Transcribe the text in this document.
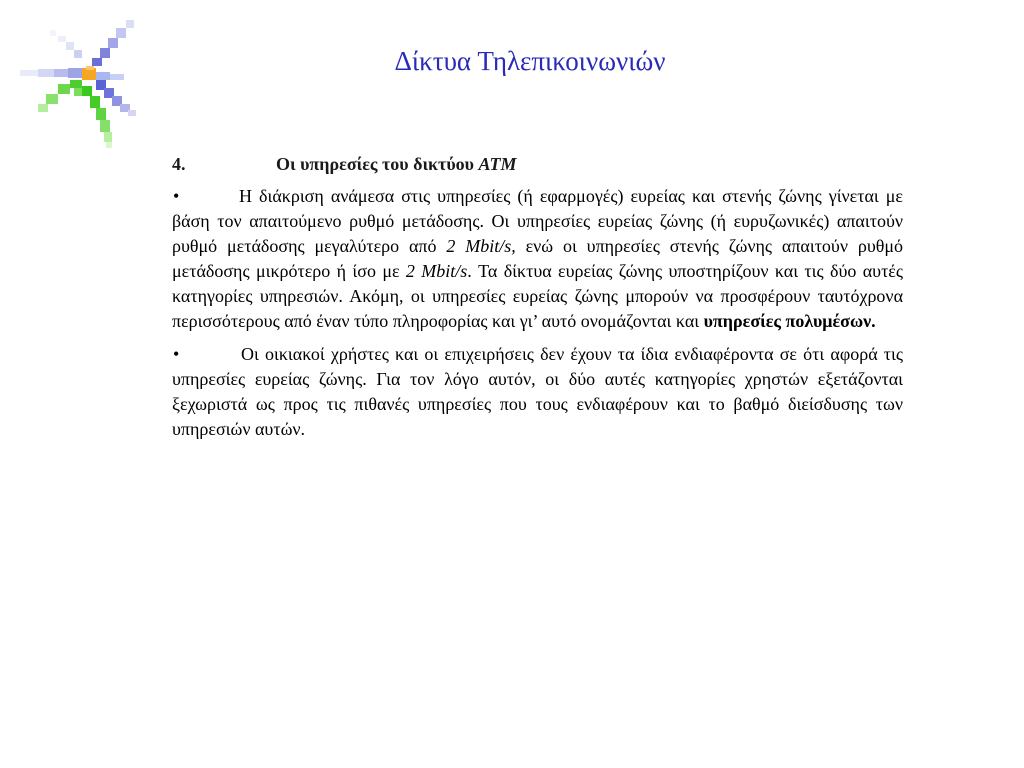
Δίκτυα Τηλεπικοινωνιών
4.	Οι υπηρεσίες του δικτύου ATM
•	Η διάκριση ανάμεσα στις υπηρεσίες (ή εφαρμογές) ευρείας και στενής ζώνης γίνεται με βάση τον απαιτούμενο ρυθμό μετάδοσης. Οι υπηρεσίες ευρείας ζώνης (ή ευρυζωνικές) απαιτούν ρυθμό μετάδοσης μεγαλύτερο από 2 Mbit/s, ενώ οι υπηρεσίες στενής ζώνης απαιτούν ρυθμό μετάδοσης μικρότερο ή ίσο με 2 Mbit/s. Τα δίκτυα ευρείας ζώνης υποστηρίζουν και τις δύο αυτές κατηγορίες υπηρεσιών. Ακόμη, οι υπηρεσίες ευρείας ζώνης μπορούν να προσφέρουν ταυτόχρονα περισσότερους από έναν τύπο πληροφορίας και γι’ αυτό ονομάζονται και υπηρεσίες πολυμέσων.
•	Οι οικιακοί χρήστες και οι επιχειρήσεις δεν έχουν τα ίδια ενδιαφέροντα σε ότι αφορά τις υπηρεσίες ευρείας ζώνης. Για τον λόγο αυτόν, οι δύο αυτές κατηγορίες χρηστών εξετάζονται ξεχωριστά ως προς τις πιθανές υπηρεσίες που τους ενδιαφέρουν και το βαθμό διείσδυσης των υπηρεσιών αυτών.
